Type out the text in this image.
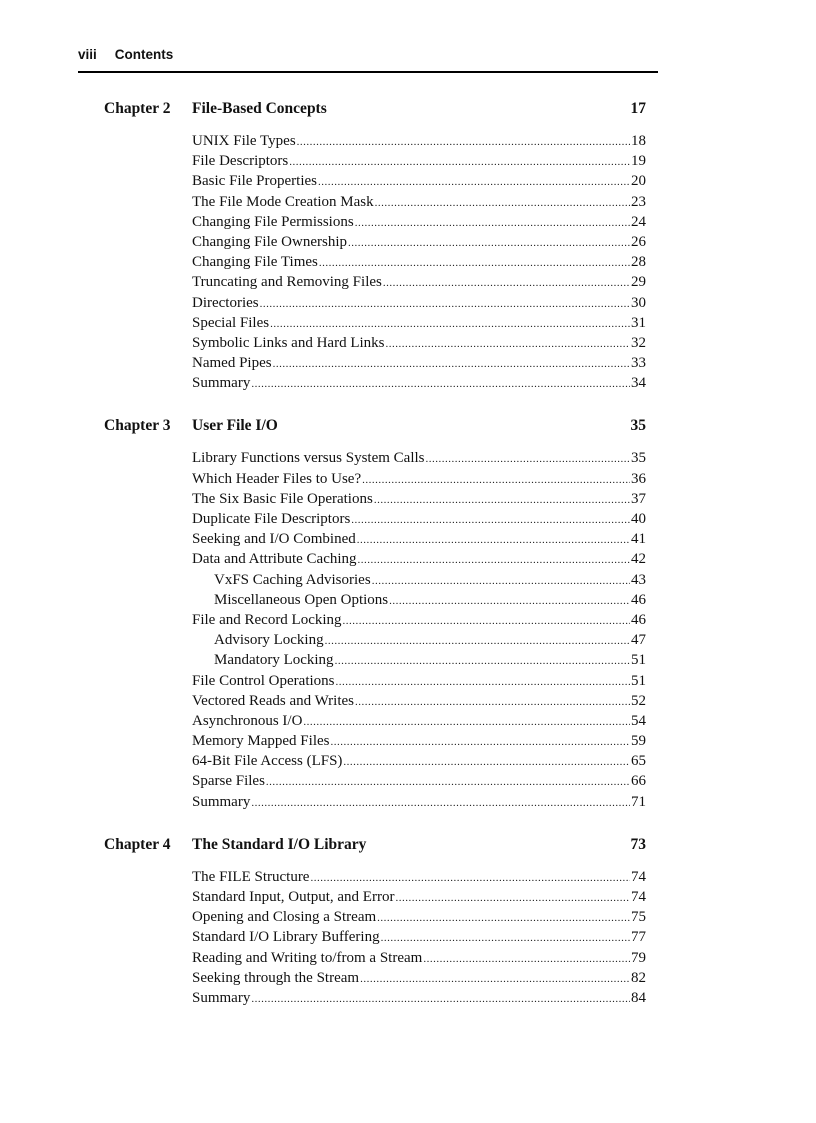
viii Contents
Chapter 2 File-Based Concepts	17
UNIX File Types .....	18
File Descriptors .....	19
Basic File Properties .....	20
The File Mode Creation Mask .....	23
Changing File Permissions .....	24
Changing File Ownership .....	26
Changing File Times .....	28
Truncating and Removing Files .....	29
Directories .....	30
Special Files .....	31
Symbolic Links and Hard Links .....	32
Named Pipes .....	33
Summary .....	34
Chapter 3 User File I/O	35
Library Functions versus System Calls .....	35
Which Header Files to Use? .....	36
The Six Basic File Operations .....	37
Duplicate File Descriptors .....	40
Seeking and I/O Combined .....	41
Data and Attribute Caching .....	42
VxFS Caching Advisories .....	43
Miscellaneous Open Options .....	46
File and Record Locking .....	46
Advisory Locking .....	47
Mandatory Locking .....	51
File Control Operations .....	51
Vectored Reads and Writes .....	52
Asynchronous I/O .....	54
Memory Mapped Files .....	59
64-Bit File Access (LFS) .....	65
Sparse Files .....	66
Summary .....	71
Chapter 4 The Standard I/O Library	73
The FILE Structure .....	74
Standard Input, Output, and Error .....	74
Opening and Closing a Stream .....	75
Standard I/O Library Buffering .....	77
Reading and Writing to/from a Stream .....	79
Seeking through the Stream .....	82
Summary .....	84
